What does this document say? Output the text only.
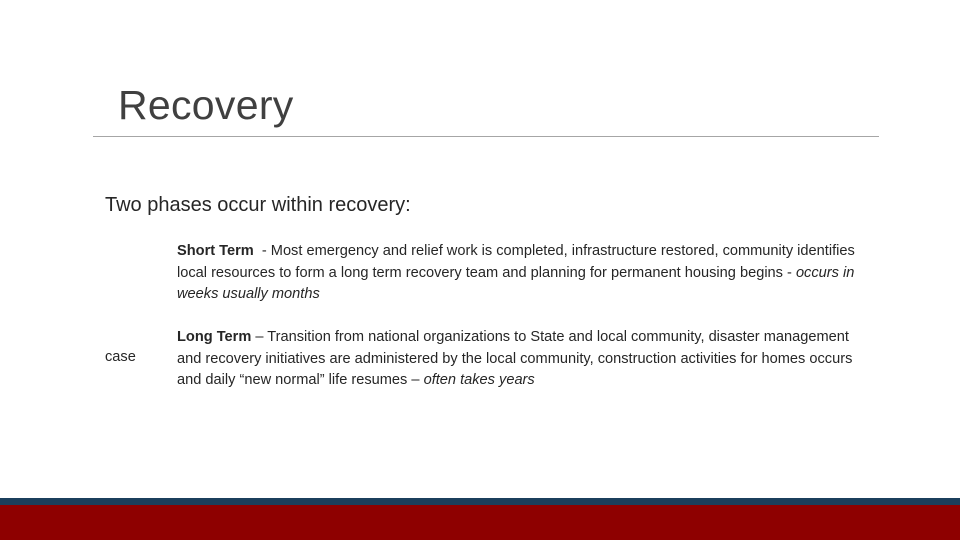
Recovery
Two phases occur within recovery:
Short Term  - Most emergency and relief work is completed, infrastructure restored, community identifies local resources to form a long term recovery team and planning for permanent housing begins - occurs in weeks usually months
case
Long Term – Transition from national organizations to State and local community, disaster management and recovery initiatives are administered by the local community, construction activities for homes occurs and daily “new normal” life resumes – often takes years
